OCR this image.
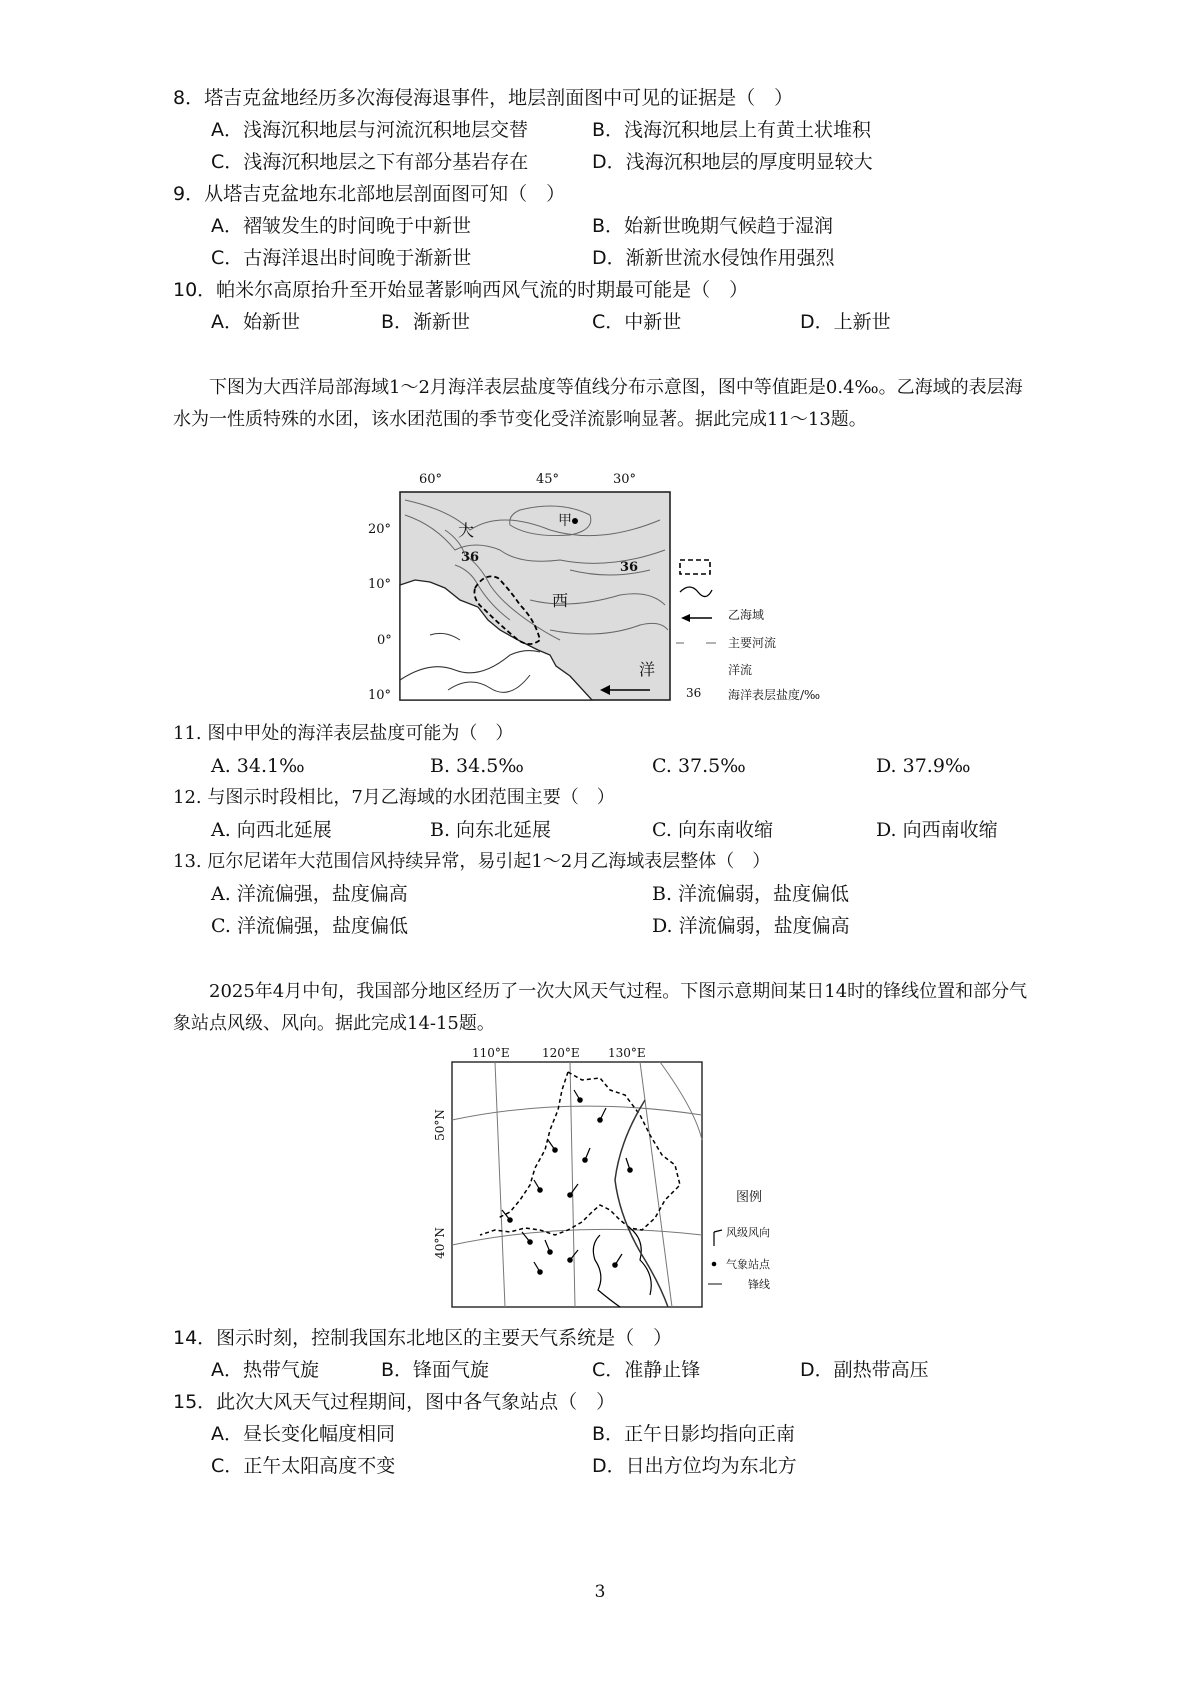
8．塔吉克盆地经历多次海侵海退事件，地层剖面图中可见的证据是（　）
A．浅海沉积地层与河流沉积地层交替	B．浅海沉积地层上有黄土状堆积
C．浅海沉积地层之下有部分基岩存在	D．浅海沉积地层的厚度明显较大
9．从塔吉克盆地东北部地层剖面图可知（　）
A．褶皱发生的时间晚于中新世	B．始新世晚期气候趋于湿润
C．古海洋退出时间晚于渐新世	D．渐新世流水侵蚀作用强烈
10．帕米尔高原抬升至开始显著影响西风气流的时期最可能是（　）
A．始新世	B．渐新世	C．中新世	D．上新世
下图为大西洋局部海域1～2月海洋表层盐度等值线分布示意图，图中等值距是0.4‰。乙海域的表层海水为一性质特殊的水团，该水团范围的季节变化受洋流影响显著。据此完成11～13题。
60°	45°	30°
20°
10°
0°
10°
甲
大
西
洋
36
36
乙海域
主要河流
洋流
36 海洋表层盐度/‰
11. 图中甲处的海洋表层盐度可能为（　）
A. 34.1‰	B. 34.5‰	C. 37.5‰	D. 37.9‰
12. 与图示时段相比，7月乙海域的水团范围主要（　）
A. 向西北延展	B. 向东北延展	C. 向东南收缩	D. 向西南收缩
13. 厄尔尼诺年大范围信风持续异常，易引起1～2月乙海域表层整体（　）
A. 洋流偏强，盐度偏高	B. 洋流偏弱，盐度偏低
C. 洋流偏强，盐度偏低	D. 洋流偏弱，盐度偏高
2025年4月中旬，我国部分地区经历了一次大风天气过程。下图示意期间某日14时的锋线位置和部分气象站点风级、风向。据此完成14-15题。
110°E	120°E 130°E
50°N
40°N
图例
风级风向
气象站点
锋线
14．图示时刻，控制我国东北地区的主要天气系统是（　）
A．热带气旋	B．锋面气旋	C．准静止锋	D．副热带高压
15．此次大风天气过程期间，图中各气象站点（　）
A．昼长变化幅度相同	B．正午日影均指向正南
C．正午太阳高度不变	D．日出方位均为东北方
3
